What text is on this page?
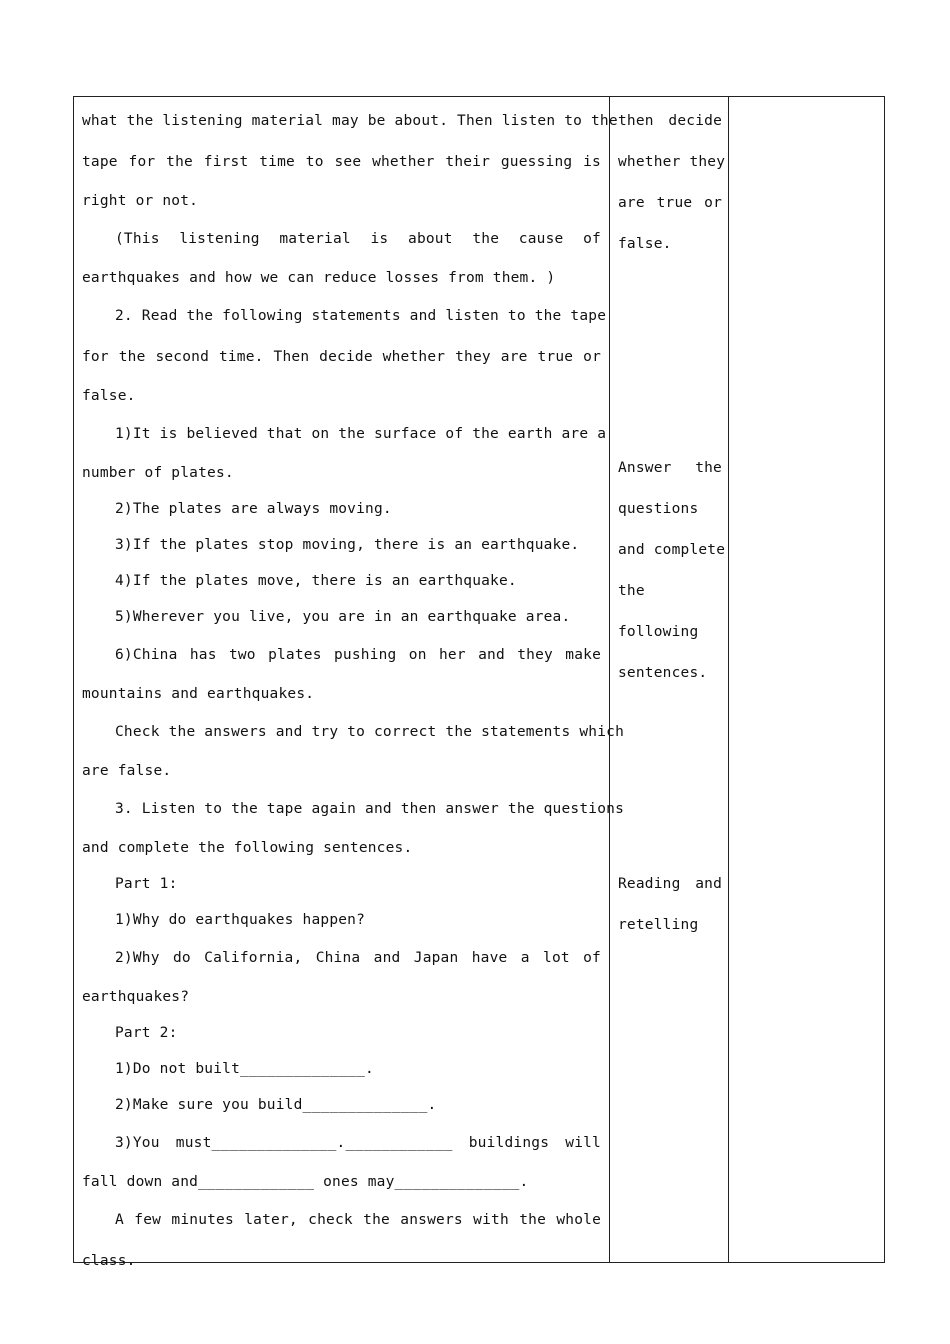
what the listening material may be about. Then listen to the
tape for the first time to see whether their guessing is
right or not.
(This listening material is about the cause of
earthquakes and how we can reduce losses from them. )
2. Read the following statements and listen to the tape
for the second time. Then decide whether they are true or
false.
1)It is believed that on the surface of the earth are a
number of plates.
2)The plates are always moving.
3)If the plates stop moving, there is an earthquake.
4)If the plates move, there is an earthquake.
5)Wherever you live, you are in an earthquake area.
6)China has two plates pushing on her and they make
mountains and earthquakes.
Check the answers and try to correct the statements which
are false.
3. Listen to the tape again and then answer the questions
and complete the following sentences.
Part 1:
1)Why do earthquakes happen?
2)Why do California, China and Japan have a lot of
earthquakes?
Part 2:
1)Do not built______________.
2)Make sure you build______________.
3)You must______________.____________ buildings will
fall down and_____________ ones may______________.
A few minutes later, check the answers with the whole
class.
then decide
whether they
are true or
false.
Answer the
questions
and complete
the
following
sentences.
Reading and
retelling
